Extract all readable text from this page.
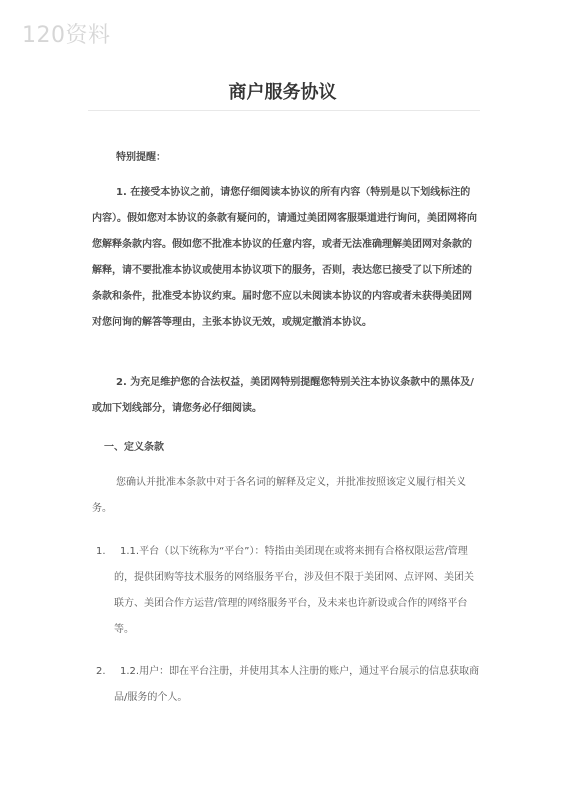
120资料
商户服务协议

特别提醒：

1. 在接受本协议之前，请您仔细阅读本协议的所有内容（特别是以下划线标注的内容）。假如您对本协议的条款有疑问的，请通过美团网客服渠道进行询问，美团网将向您解释条款内容。假如您不批准本协议的任意内容，或者无法准确理解美团网对条款的解释，请不要批准本协议或使用本协议项下的服务，否则，表达您已接受了以下所述的条款和条件，批准受本协议约束。届时您不应以未阅读本协议的内容或者未获得美团网对您问询的解答等理由，主张本协议无效，或规定撤消本协议。

2. 为充足维护您的合法权益，美团网特别提醒您特别关注本协议条款中的黑体及/或加下划线部分，请您务必仔细阅读。

一、定义条款

您确认并批准本条款中对于各名词的解释及定义，并批准按照该定义履行相关义务。

1. 1.1.平台（以下统称为“平台”）：特指由美团现在或将来拥有合格权限运营/管理的，提供团购等技术服务的网络服务平台，涉及但不限于美团网、点评网、美团关联方、美团合作方运营/管理的网络服务平台，及未来也许新设或合作的网络平台等。
2. 1.2.用户：即在平台注册，并使用其本人注册的账户，通过平台展示的信息获取商品/服务的个人。
